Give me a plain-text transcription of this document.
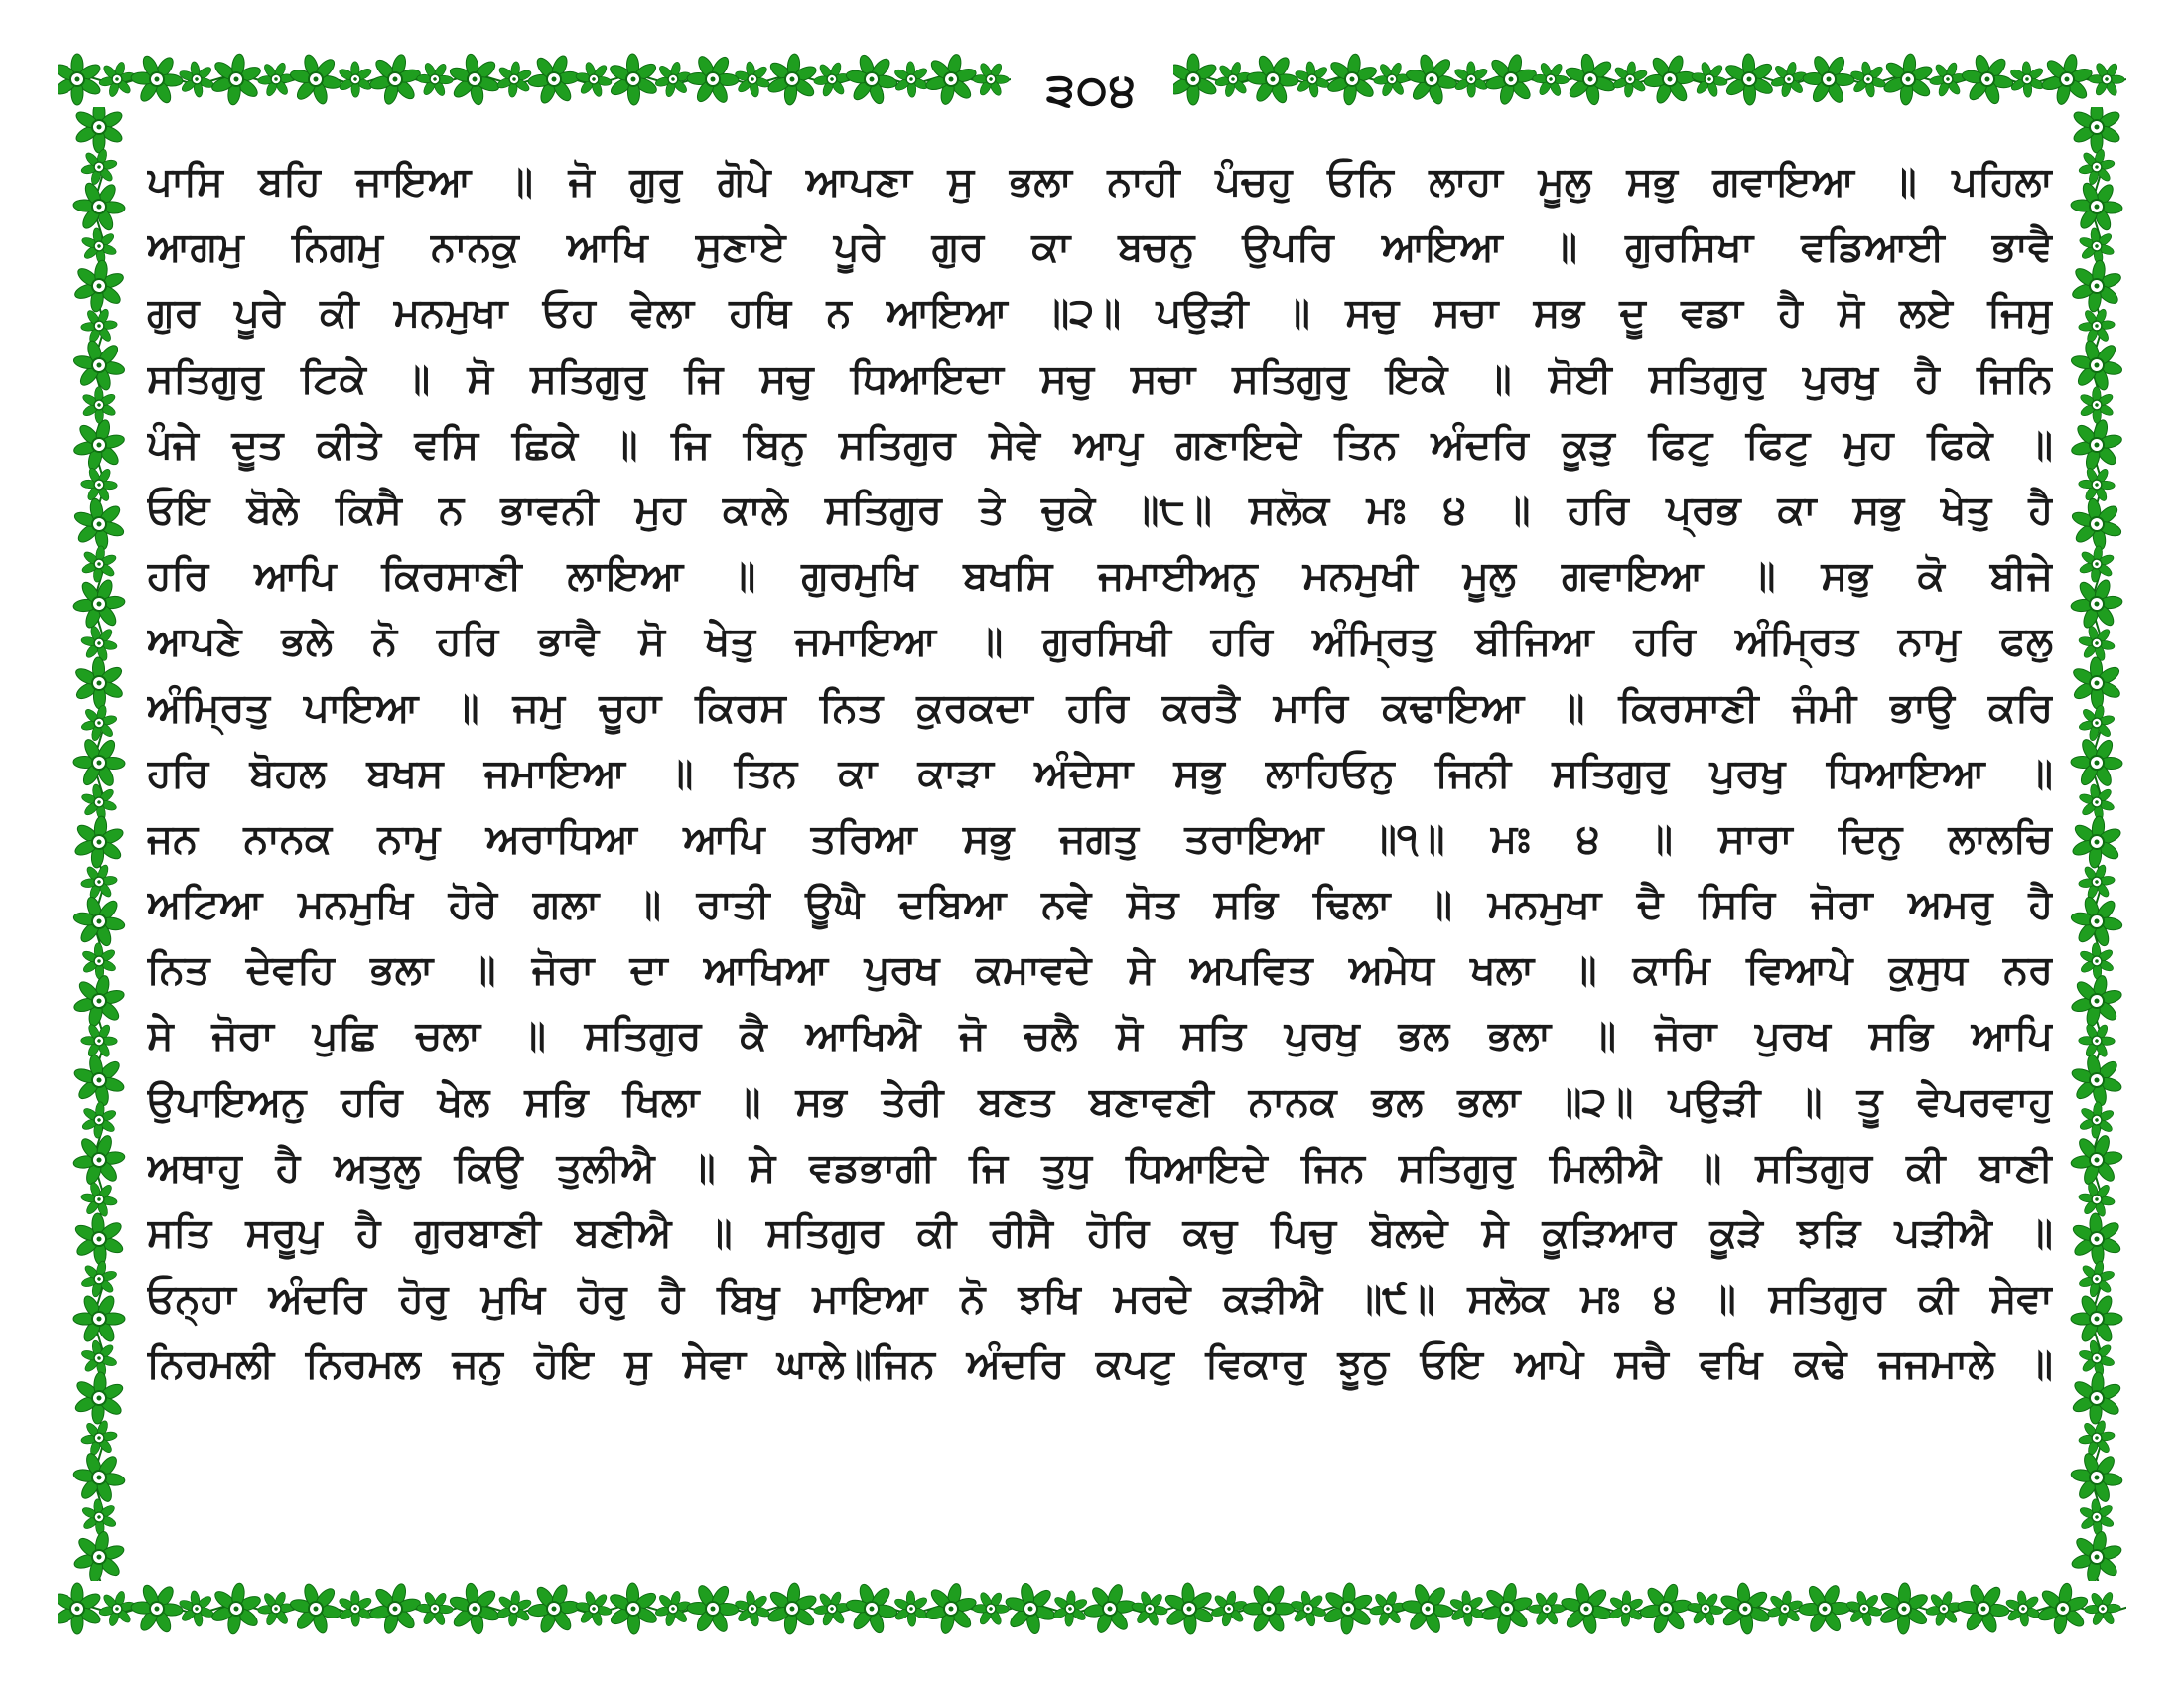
੩੦੪
ਪਾਸਿ ਬਹਿ ਜਾਇਆ ॥ ਜੋ ਗੁਰੁ ਗੋਪੇ ਆਪਣਾ ਸੁ ਭਲਾ ਨਾਹੀ ਪੰਚਹੁ ਓਨਿ ਲਾਹਾ ਮੂਲੁ ਸਭੁ ਗਵਾਇਆ ॥ ਪਹਿਲਾ
ਆਗਮੁ ਨਿਗਮੁ ਨਾਨਕੁ ਆਖਿ ਸੁਣਾਏ ਪੂਰੇ ਗੁਰ ਕਾ ਬਚਨੁ ਉਪਰਿ ਆਇਆ ॥ ਗੁਰਸਿਖਾ ਵਡਿਆਈ ਭਾਵੈ
ਗੁਰ ਪੂਰੇ ਕੀ ਮਨਮੁਖਾ ਓਹ ਵੇਲਾ ਹਥਿ ਨ ਆਇਆ ॥੨॥ ਪਉੜੀ ॥ ਸਚੁ ਸਚਾ ਸਭ ਦੂ ਵਡਾ ਹੈ ਸੋ ਲਏ ਜਿਸੁ
ਸਤਿਗੁਰੁ ਟਿਕੇ ॥ ਸੋ ਸਤਿਗੁਰੁ ਜਿ ਸਚੁ ਧਿਆਇਦਾ ਸਚੁ ਸਚਾ ਸਤਿਗੁਰੁ ਇਕੇ ॥ ਸੋਈ ਸਤਿਗੁਰੁ ਪੁਰਖੁ ਹੈ ਜਿਨਿ
ਪੰਜੇ ਦੂਤ ਕੀਤੇ ਵਸਿ ਛਿਕੇ ॥ ਜਿ ਬਿਨੁ ਸਤਿਗੁਰ ਸੇਵੇ ਆਪੁ ਗਣਾਇਦੇ ਤਿਨ ਅੰਦਰਿ ਕੂੜੁ ਫਿਟੁ ਫਿਟੁ ਮੁਹ ਫਿਕੇ ॥
ਓਇ ਬੋਲੇ ਕਿਸੈ ਨ ਭਾਵਨੀ ਮੁਹ ਕਾਲੇ ਸਤਿਗੁਰ ਤੇ ਚੁਕੇ ॥੮॥ ਸਲੋਕ ਮਃ ੪ ॥ ਹਰਿ ਪ੍ਰਭ ਕਾ ਸਭੁ ਖੇਤੁ ਹੈ
ਹਰਿ ਆਪਿ ਕਿਰਸਾਣੀ ਲਾਇਆ ॥ ਗੁਰਮੁਖਿ ਬਖਸਿ ਜਮਾਈਅਨੁ ਮਨਮੁਖੀ ਮੂਲੁ ਗਵਾਇਆ ॥ ਸਭੁ ਕੋ ਬੀਜੇ
ਆਪਣੇ ਭਲੇ ਨੋ ਹਰਿ ਭਾਵੈ ਸੋ ਖੇਤੁ ਜਮਾਇਆ ॥ ਗੁਰਸਿਖੀ ਹਰਿ ਅੰਮ੍ਰਿਤੁ ਬੀਜਿਆ ਹਰਿ ਅੰਮ੍ਰਿਤ ਨਾਮੁ ਫਲੁ
ਅੰਮ੍ਰਿਤੁ ਪਾਇਆ ॥ ਜਮੁ ਚੂਹਾ ਕਿਰਸ ਨਿਤ ਕੁਰਕਦਾ ਹਰਿ ਕਰਤੈ ਮਾਰਿ ਕਢਾਇਆ ॥ ਕਿਰਸਾਣੀ ਜੰਮੀ ਭਾਉ ਕਰਿ
ਹਰਿ ਬੋਹਲ ਬਖਸ ਜਮਾਇਆ ॥ ਤਿਨ ਕਾ ਕਾੜਾ ਅੰਦੇਸਾ ਸਭੁ ਲਾਹਿਓਨੁ ਜਿਨੀ ਸਤਿਗੁਰੁ ਪੁਰਖੁ ਧਿਆਇਆ ॥
ਜਨ ਨਾਨਕ ਨਾਮੁ ਅਰਾਧਿਆ ਆਪਿ ਤਰਿਆ ਸਭੁ ਜਗਤੁ ਤਰਾਇਆ ॥੧॥ ਮਃ ੪ ॥ ਸਾਰਾ ਦਿਨੁ ਲਾਲਚਿ
ਅਟਿਆ ਮਨਮੁਖਿ ਹੋਰੇ ਗਲਾ ॥ ਰਾਤੀ ਊਘੈ ਦਬਿਆ ਨਵੇ ਸੋਤ ਸਭਿ ਢਿਲਾ ॥ ਮਨਮੁਖਾ ਦੈ ਸਿਰਿ ਜੋਰਾ ਅਮਰੁ ਹੈ
ਨਿਤ ਦੇਵਹਿ ਭਲਾ ॥ ਜੋਰਾ ਦਾ ਆਖਿਆ ਪੁਰਖ ਕਮਾਵਦੇ ਸੇ ਅਪਵਿਤ ਅਮੇਧ ਖਲਾ ॥ ਕਾਮਿ ਵਿਆਪੇ ਕੁਸੁਧ ਨਰ
ਸੇ ਜੋਰਾ ਪੁਛਿ ਚਲਾ ॥ ਸਤਿਗੁਰ ਕੈ ਆਖਿਐ ਜੋ ਚਲੈ ਸੋ ਸਤਿ ਪੁਰਖੁ ਭਲ ਭਲਾ ॥ ਜੋਰਾ ਪੁਰਖ ਸਭਿ ਆਪਿ
ਉਪਾਇਅਨੁ ਹਰਿ ਖੇਲ ਸਭਿ ਖਿਲਾ ॥ ਸਭ ਤੇਰੀ ਬਣਤ ਬਣਾਵਣੀ ਨਾਨਕ ਭਲ ਭਲਾ ॥੨॥ ਪਉੜੀ ॥ ਤੂ ਵੇਪਰਵਾਹੁ
ਅਥਾਹੁ ਹੈ ਅਤੁਲੁ ਕਿਉ ਤੁਲੀਐ ॥ ਸੇ ਵਡਭਾਗੀ ਜਿ ਤੁਧੁ ਧਿਆਇਦੇ ਜਿਨ ਸਤਿਗੁਰੁ ਮਿਲੀਐ ॥ ਸਤਿਗੁਰ ਕੀ ਬਾਣੀ
ਸਤਿ ਸਰੂਪੁ ਹੈ ਗੁਰਬਾਣੀ ਬਣੀਐ ॥ ਸਤਿਗੁਰ ਕੀ ਰੀਸੈ ਹੋਰਿ ਕਚੁ ਪਿਚੁ ਬੋਲਦੇ ਸੇ ਕੂੜਿਆਰ ਕੂੜੇ ਝੜਿ ਪੜੀਐ ॥
ਓਨ੍ਹਾ ਅੰਦਰਿ ਹੋਰੁ ਮੁਖਿ ਹੋਰੁ ਹੈ ਬਿਖੁ ਮਾਇਆ ਨੋ ਝਖਿ ਮਰਦੇ ਕੜੀਐ ॥੯॥ ਸਲੋਕ ਮਃ ੪ ॥ ਸਤਿਗੁਰ ਕੀ ਸੇਵਾ
ਨਿਰਮਲੀ ਨਿਰਮਲ ਜਨੁ ਹੋਇ ਸੁ ਸੇਵਾ ਘਾਲੇ॥ਜਿਨ ਅੰਦਰਿ ਕਪਟੁ ਵਿਕਾਰੁ ਝੂਠੁ ਓਇ ਆਪੇ ਸਚੈ ਵਖਿ ਕਢੇ ਜਜਮਾਲੇ ॥
